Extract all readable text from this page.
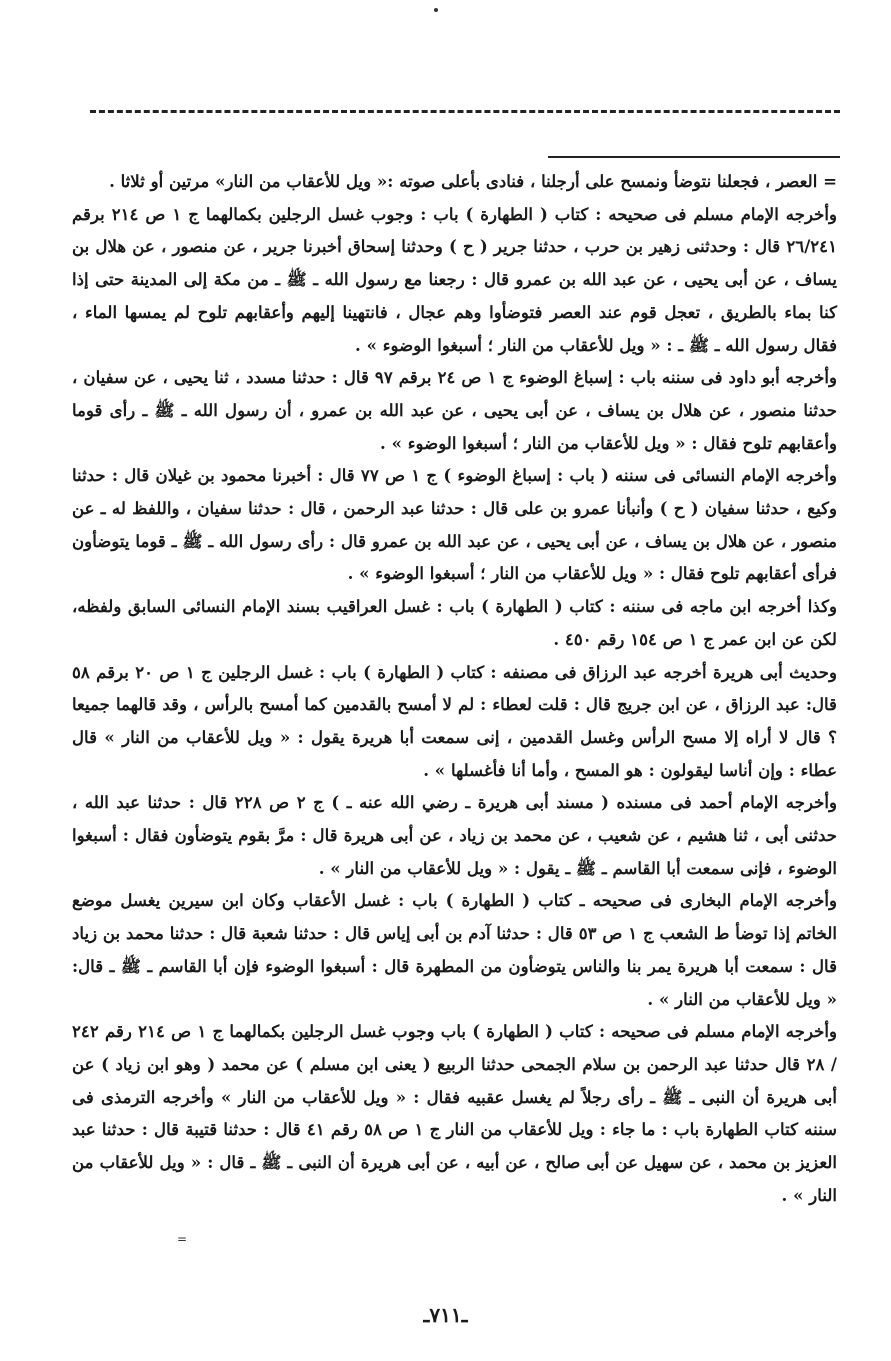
= العصر ، فجعلنا نتوضأ ونمسح على أرجلنا ، فنادى بأعلى صوته :« ويل للأعقاب من النار» مرتين أو ثلاثا .

وأخرجه الإمام مسلم فى صحيحه : كتاب ( الطهارة ) باب : وجوب غسل الرجلين بكمالهما ج ١ ص ٢١٤ برقم ٢٦/٢٤١ قال : وحدثنى زهير بن حرب ، حدثنا جرير ( ح ) وحدثنا إسحاق أخبرنا جرير ، عن منصور ، عن هلال بن يساف ، عن أبى يحيى ، عن عبد الله بن عمرو قال : رجعنا مع رسول الله ـ ﷺ ـ من مكة إلى المدينة حتى إذا كنا بماء بالطريق ، تعجل قوم عند العصر فتوضأوا وهم عجال ، فانتهينا إليهم وأعقابهم تلوح لم يمسها الماء ، فقال رسول الله ـ ﷺ ـ : « ويل للأعقاب من النار ؛ أسبغوا الوضوء » .

وأخرجه أبو داود فى سننه باب : إسباغ الوضوء ج ١ ص ٢٤ برقم ٩٧ قال : حدثنا مسدد ، ثنا يحيى ، عن سفيان ، حدثنا منصور ، عن هلال بن يساف ، عن أبى يحيى ، عن عبد الله بن عمرو ، أن رسول الله ـ ﷺ ـ رأى قوما وأعقابهم تلوح فقال : « ويل للأعقاب من النار ؛ أسبغوا الوضوء » .

وأخرجه الإمام النسائى فى سننه ( باب : إسباغ الوضوء ) ج ١ ص ٧٧ قال : أخبرنا محمود بن غيلان قال : حدثنا وكيع ، حدثنا سفيان ( ح ) وأنبأنا عمرو بن على قال : حدثنا عبد الرحمن ، قال : حدثنا سفيان ، واللفظ له ـ عن منصور ، عن هلال بن يساف ، عن أبى يحيى ، عن عبد الله بن عمرو قال : رأى رسول الله ـ ﷺ ـ قوما يتوضأون فرأى أعقابهم تلوح فقال : « ويل للأعقاب من النار ؛ أسبغوا الوضوء » .

وكذا أخرجه ابن ماجه فى سننه : كتاب ( الطهارة ) باب : غسل العراقيب بسند الإمام النسائى السابق ولفظه، لكن عن ابن عمر ج ١ ص ١٥٤ رقم ٤٥٠ .

وحديث أبى هريرة أخرجه عبد الرزاق فى مصنفه : كتاب ( الطهارة ) باب : غسل الرجلين ج ١ ص ٢٠ برقم ٥٨ قال: عبد الرزاق ، عن ابن جريج قال : قلت لعطاء : لم لا أمسح بالقدمين كما أمسح بالرأس ، وقد قالهما جميعا ؟ قال لا أراه إلا مسح الرأس وغسل القدمين ، إنى سمعت أبا هريرة يقول : « ويل للأعقاب من النار » قال عطاء : وإن أناسا ليقولون : هو المسح ، وأما أنا فأغسلها » .

وأخرجه الإمام أحمد فى مسنده ( مسند أبى هريرة ـ رضي الله عنه ـ ) ج ٢ ص ٢٢٨ قال : حدثنا عبد الله ، حدثنى أبى ، ثنا هشيم ، عن شعيب ، عن محمد بن زياد ، عن أبى هريرة قال : مرَّ بقوم يتوضأون فقال : أسبغوا الوضوء ، فإنى سمعت أبا القاسم ـ ﷺ ـ يقول : « ويل للأعقاب من النار » .

وأخرجه الإمام البخارى فى صحيحه ـ كتاب ( الطهارة ) باب : غسل الأعقاب وكان ابن سيرين يغسل موضع الخاتم إذا توضأ ط الشعب ج ١ ص ٥٣ قال : حدثنا آدم بن أبى إياس قال : حدثنا شعبة قال : حدثنا محمد بن زياد قال : سمعت أبا هريرة يمر بنا والناس يتوضأون من المطهرة قال : أسبغوا الوضوء فإن أبا القاسم ـ ﷺ ـ قال: « ويل للأعقاب من النار » .

وأخرجه الإمام مسلم فى صحيحه : كتاب ( الطهارة ) باب وجوب غسل الرجلين بكمالهما ج ١ ص ٢١٤ رقم ٢٤٢ / ٢٨ قال حدثنا عبد الرحمن بن سلام الجمحى حدثنا الربيع ( يعنى ابن مسلم ) عن محمد ( وهو ابن زياد ) عن أبى هريرة أن النبى ـ ﷺ ـ رأى رجلاً لم يغسل عقبيه فقال : « ويل للأعقاب من النار » وأخرجه الترمذى فى سننه كتاب الطهارة باب : ما جاء : ويل للأعقاب من النار ج ١ ص ٥٨ رقم ٤١ قال : حدثنا قتيبة قال : حدثنا عبد العزيز بن محمد ، عن سهيل عن أبى صالح ، عن أبيه ، عن أبى هريرة أن النبى ـ ﷺ ـ قال : « ويل للأعقاب من النار » .

=
ـ٧١١ـ
